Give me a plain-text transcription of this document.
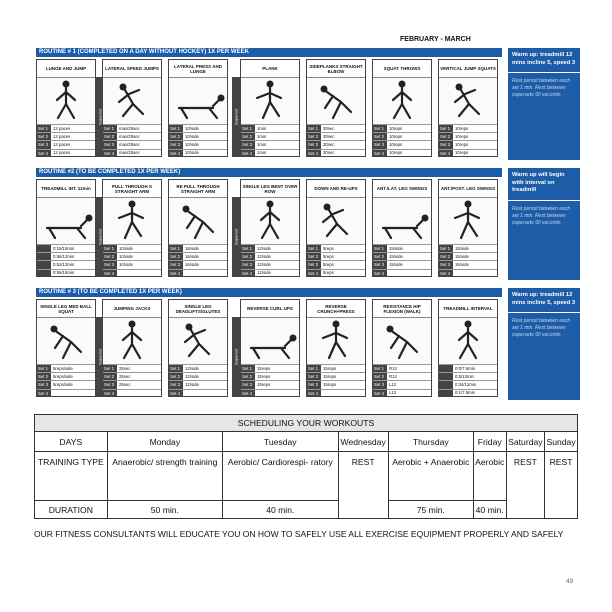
FEBRUARY - MARCH
ROUTINE # 1 (COMPLETED ON A DAY WITHOUT HOCKEY) 1X PER WEEK
Superset	Superset
LUNGE AND JUMP
Set 1	12 paces
Set 2	12 paces
Set 3	12 paces
Set 4	12 paces
LATERAL SPEED JUMPS
Set 1	max/25sec
Set 2	max/25sec
Set 3	max/25sec
Set 4	max/25sec
LATERAL PRESS AND LUNGE
Set 1	10/side
Set 2	10/side
Set 3	10/side
Set 4	10/side
PLANK
Set 1	1min
Set 2	1min
Set 3	1min
Set 4	1min
SIDEPLANKS STRAIGHT ELBOW
Set 1	30sec
Set 2	30sec
Set 3	30sec
Set 4	30sec
SQUAT THROWS
Set 1	10reps
Set 2	10reps
Set 3	10reps
Set 4	10reps
VERTICAL JUMP SQUATS
Set 1	10reps
Set 2	10reps
Set 3	10reps
Set 4	10reps
ROUTINE #2 (TO BE COMPLETED 1X PER WEEK)
Superset	Superset
TREADMILL INT. 12min
0:15/15min
0:56/12min
0:52/13min
0:56/15min
PULL THROUGH S STRAIGHT ARM
Set 1	10/side
Set 2	10/side
Set 3	10/side
Set 4
RE PULL THROUGH STRAIGHT ARM
Set 1	16/side
Set 2	16/side
Set 3	16/side
Set 4
SINGLE LEG BENT OVER ROW
Set 1	12/side
Set 2	12/side
Set 3	12/side
Set 4	12/side
DOWN AND RE-UPS
Set 1	5reps
Set 2	5reps
Set 3	5reps
Set 4	5reps
ANT./LAT. LEG SWINGS
Set 1	15/side
Set 2	15/side
Set 3	15/side
Set 4
ANT./POST. LEG SWINGS
Set 1	15/side
Set 2	15/side
Set 3	15/side
Set 4
ROUTINE # 3 (TO BE COMPLETED 1X PER WEEK)
Superset	Superset
SINGLE LEG MED BALL SQUAT
Set 1	5reps/side
Set 2	5reps/side
Set 3	5reps/side
Set 4
JUMPING JACKS
Set 1	25sec
Set 2	25sec
Set 3	25sec
Set 4
SINGLE LEG DEADLIFTS/GLUTES
Set 1	12/side
Set 2	12/side
Set 3	12/side
Set 4
REVERSE CURL UPS
Set 1	15reps
Set 2	15reps
Set 3	15reps
Set 4
REVERSE CRUNCH+PRESS
Set 1	15reps
Set 2	15reps
Set 3	15reps
Set 4
RESISTANCE HIP FLEXION (WALK)
Set 1	R12
Set 2	R12
Set 3	L12
Set 4	L12
TREADMILL INTERVAL
0:0/7.5min
0:5/13min
0:34/12min
0:1/7.5min
Warm up: treadmill 12 mins incline 5, speed 3
Rest period between each set 1 min. Rest between supersets 90 seconds
Warm up will begin with interval on treadmill
Rest period between each set 1 min. Rest between supersets 90 seconds
Warm up: treadmill 12 mins incline 5, speed 3
Rest period between each set 1 min. Rest between supersets 90 seconds
SCHEDULING YOUR WORKOUTS							
DAYS	Monday	Tuesday	Wednesday	Thursday	Friday	Saturday	Sunday
TRAINING TYPE	Anaerobic/ strength training	Aerobic/ Cardiorespi- ratory	REST	Aerobic + Anaerobic	Aerobic	REST	REST
DURATION	50 min.	40 min.		75 min.	40 min.		
OUR FITNESS CONSULTANTS WILL EDUCATE YOU ON HOW TO SAFELY USE ALL EXERCISE EQUIPMENT PROPERLY AND SAFELY
49
